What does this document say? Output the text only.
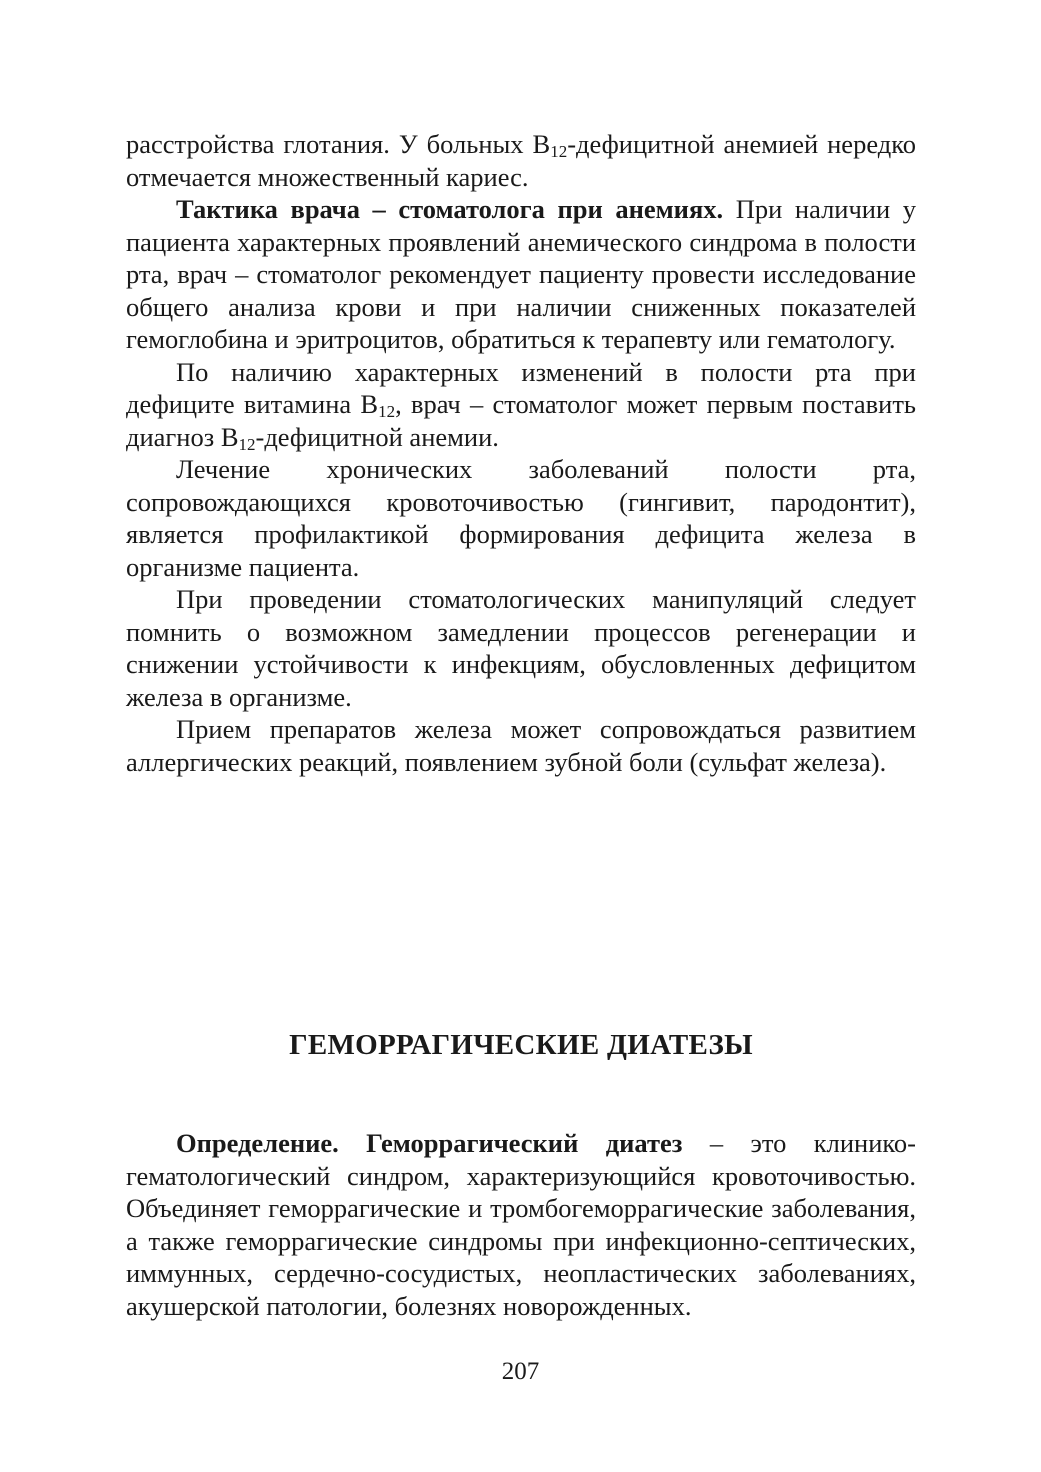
расстройства глотания. У больных $B_{12}$-дефицитной анемией нередко отмечается множественный кариес.

Тактика врача – стоматолога при анемиях. При наличии у пациента характерных проявлений анемического синдрома в полости рта, врач – стоматолог рекомендует пациенту провести исследование общего анализа крови и при наличии сниженных показателей гемоглобина и эритроцитов, обратиться к терапевту или гематологу.

По наличию характерных изменений в полости рта при дефиците витамина $B_{12}$, врач – стоматолог может первым поставить диагноз $B_{12}$-дефицитной анемии.

Лечение хронических заболеваний полости рта, сопровождающихся кровоточивостью (гингивит, пародонтит), является профилактикой формирования дефицита железа в организме пациента.

При проведении стоматологических манипуляций следует помнить о возможном замедлении процессов регенерации и снижении устойчивости к инфекциям, обусловленных дефицитом железа в организме.

Прием препаратов железа может сопровождаться развитием аллергических реакций, появлением зубной боли (сульфат железа).

ГЕМОРРАГИЧЕСКИЕ ДИАТЕЗЫ

Определение. Геморрагический диатез – это клинико-гематологический синдром, характеризующийся кровоточивостью. Объединяет геморрагические и тромбогеморрагические заболевания, а также геморрагические синдромы при инфекционно-септических, иммунных, сердечно-сосудистых, неопластических заболеваниях, акушерской патологии, болезнях новорожденных.

207
